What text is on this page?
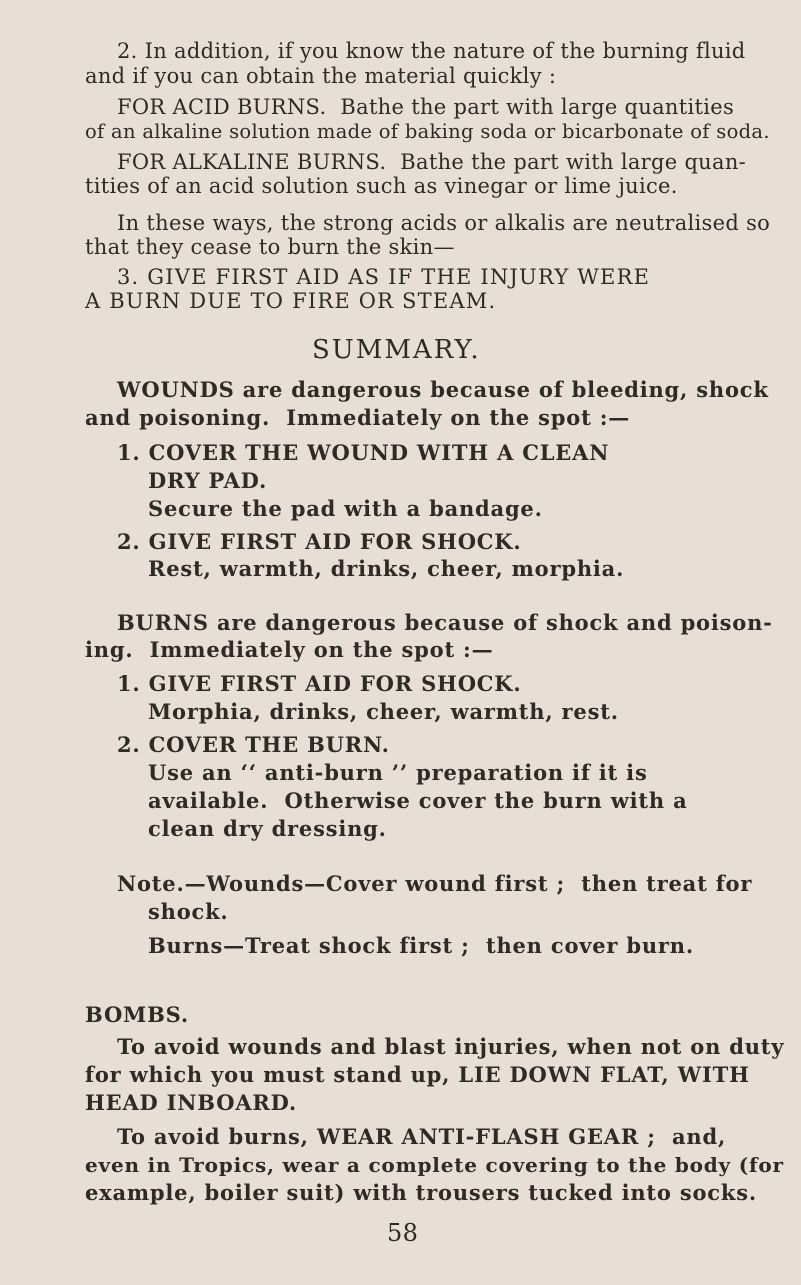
2. In addition, if you know the nature of the burning fluid
and if you can obtain the material quickly :
FOR ACID BURNS.  Bathe the part with large quantities
of an alkaline solution made of baking soda or bicarbonate of soda.
FOR ALKALINE BURNS.  Bathe the part with large quan-
tities of an acid solution such as vinegar or lime juice.
In these ways, the strong acids or alkalis are neutralised so
that they cease to burn the skin—
3. GIVE FIRST AID AS IF THE INJURY WERE
A BURN DUE TO FIRE OR STEAM.
SUMMARY.
WOUNDS are dangerous because of bleeding, shock
and poisoning.  Immediately on the spot :—
1. COVER THE WOUND WITH A CLEAN
DRY PAD.
Secure the pad with a bandage.
2. GIVE FIRST AID FOR SHOCK.
Rest, warmth, drinks, cheer, morphia.
BURNS are dangerous because of shock and poison-
ing.  Immediately on the spot :—
1. GIVE FIRST AID FOR SHOCK.
Morphia, drinks, cheer, warmth, rest.
2. COVER THE BURN.
Use an ‘‘ anti-burn ’’ preparation if it is
available.  Otherwise cover the burn with a
clean dry dressing.
Note.—Wounds—Cover wound first ;  then treat for
shock.
Burns—Treat shock first ;  then cover burn.
BOMBS.
To avoid wounds and blast injuries, when not on duty
for which you must stand up, LIE DOWN FLAT, WITH
HEAD INBOARD.
To avoid burns, WEAR ANTI-FLASH GEAR ;  and,
even in Tropics, wear a complete covering to the body (for
example, boiler suit) with trousers tucked into socks.
58
